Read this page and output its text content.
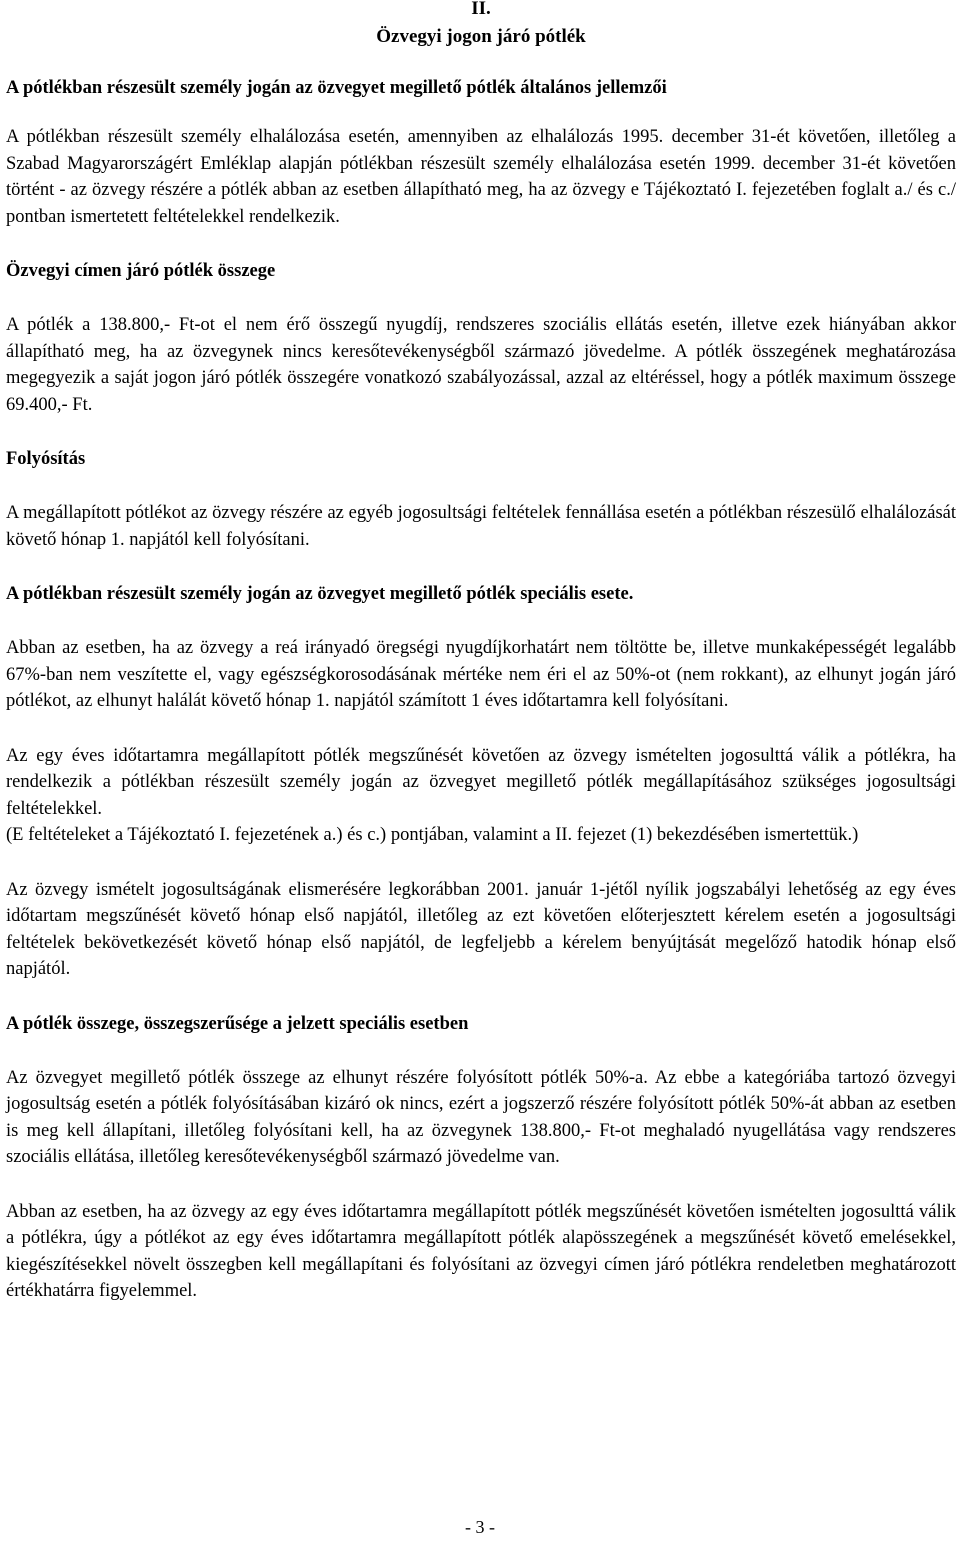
II.
Özvegyi jogon járó pótlék
A pótlékban részesült személy jogán az özvegyet megillető pótlék általános jellemzői

A pótlékban részesült személy elhalálozása esetén, amennyiben az elhalálozás 1995. december 31-ét követően, illetőleg a Szabad Magyarországért Emléklap alapján pótlékban részesült személy elhalálozása esetén 1999. december 31-ét követően történt - az özvegy részére a pótlék abban az esetben állapítható meg, ha az özvegy e Tájékoztató I. fejezetében foglalt a./ és c./ pontban ismertetett feltételekkel rendelkezik.

Özvegyi címen járó pótlék összege

A pótlék a 138.800,- Ft-ot el nem érő összegű nyugdíj, rendszeres szociális ellátás esetén, illetve ezek hiányában akkor állapítható meg, ha az özvegynek nincs keresőtevékenységből származó jövedelme. A pótlék összegének meghatározása megegyezik a saját jogon járó pótlék összegére vonatkozó szabályozással, azzal az eltéréssel, hogy a pótlék maximum összege 69.400,- Ft.

Folyósítás

A megállapított pótlékot az özvegy részére az egyéb jogosultsági feltételek fennállása esetén a pótlékban részesülő elhalálozását követő hónap 1. napjától kell folyósítani.

A pótlékban részesült személy jogán az özvegyet megillető pótlék speciális esete.

Abban az esetben, ha az özvegy a reá irányadó öregségi nyugdíjkorhatárt nem töltötte be, illetve munkaképességét legalább 67%-ban nem veszítette el, vagy egészségkorosodásának mértéke nem éri el az 50%-ot (nem rokkant), az elhunyt jogán járó pótlékot, az elhunyt halálát követő hónap 1. napjától számított 1 éves időtartamra kell folyósítani.

Az egy éves időtartamra megállapított pótlék megszűnését követően az özvegy ismételten jogosulttá válik a pótlékra, ha rendelkezik a pótlékban részesült személy jogán az özvegyet megillető pótlék megállapításához szükséges jogosultsági feltételekkel.

(E feltételeket a Tájékoztató I. fejezetének a.) és c.) pontjában, valamint a II. fejezet (1) bekezdésében ismertettük.)

Az özvegy ismételt jogosultságának elismerésére legkorábban 2001. január 1-jétől nyílik jogszabályi lehetőség az egy éves időtartam megszűnését követő hónap első napjától, illetőleg az ezt követően előterjesztett kérelem esetén a jogosultsági feltételek bekövetkezését követő hónap első napjától, de legfeljebb a kérelem benyújtását megelőző hatodik hónap első napjától.

A pótlék összege, összegszerűsége a jelzett speciális esetben

Az özvegyet megillető pótlék összege az elhunyt részére folyósított pótlék 50%-a. Az ebbe a kategóriába tartozó özvegyi jogosultság esetén a pótlék folyósításában kizáró ok nincs, ezért a jogszerző részére folyósított pótlék 50%-át abban az esetben is meg kell állapítani, illetőleg folyósítani kell, ha az özvegynek 138.800,- Ft-ot meghaladó nyugellátása vagy rendszeres szociális ellátása, illetőleg keresőtevékenységből származó jövedelme van.

Abban az esetben, ha az özvegy az egy éves időtartamra megállapított pótlék megszűnését követően ismételten jogosulttá válik a pótlékra, úgy a pótlékot az egy éves időtartamra megállapított pótlék alapösszegének a megszűnését követő emelésekkel, kiegészítésekkel növelt összegben kell megállapítani és folyósítani az özvegyi címen járó pótlékra rendeletben meghatározott értékhatárra figyelemmel.

- 3 -
